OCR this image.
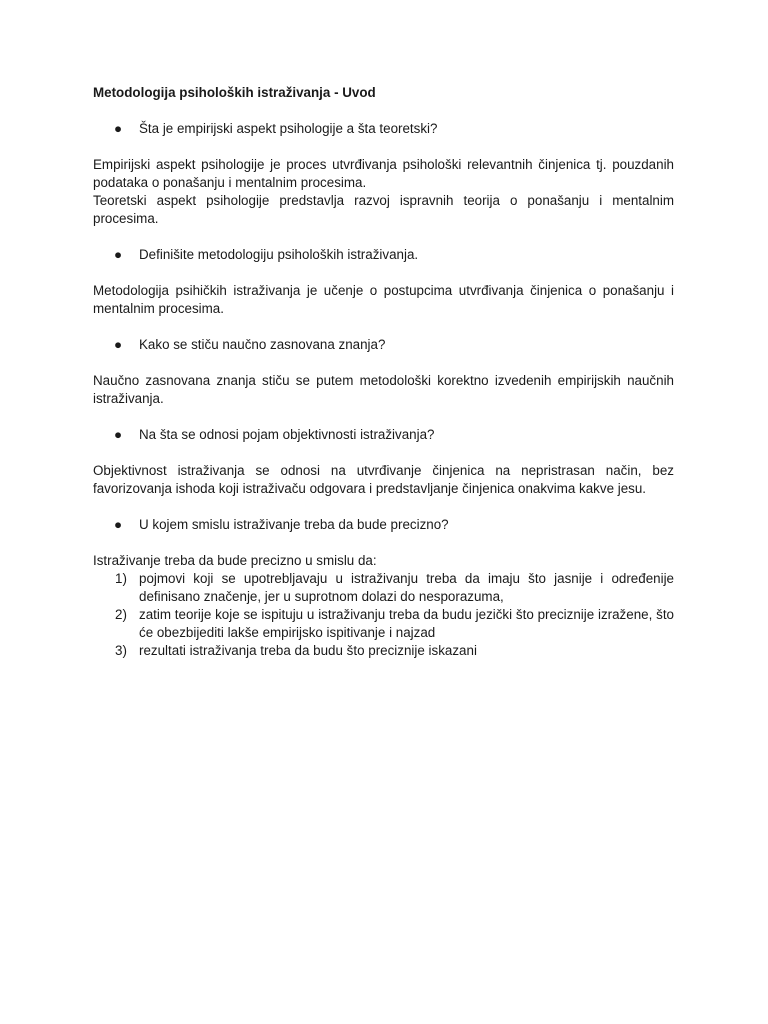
Metodologija psiholoških istraživanja - Uvod
● Šta je empirijski aspekt psihologije a šta teoretski?
Empirijski aspekt psihologije je proces utvrđivanja psihološki relevantnih činjenica tj. pouzdanih podataka o ponašanju i mentalnim procesima.
Teoretski aspekt psihologije predstavlja razvoj ispravnih teorija o ponašanju i mentalnim procesima.
● Definišite metodologiju psiholoških istraživanja.
Metodologija psihičkih istraživanja je učenje o postupcima utvrđivanja činjenica o ponašanju i mentalnim procesima.
● Kako se stiču naučno zasnovana znanja?
Naučno zasnovana znanja stiču se putem metodološki korektno izvedenih empirijskih naučnih istraživanja.
● Na šta se odnosi pojam objektivnosti istraživanja?
Objektivnost istraživanja se odnosi na utvrđivanje činjenica na nepristrasan način, bez favorizovanja ishoda koji istraživaču odgovara i predstavljanje činjenica onakvima kakve jesu.
● U kojem smislu istraživanje treba da bude precizno?
Istraživanje treba da bude precizno u smislu da:
1) pojmovi koji se upotrebljavaju u istraživanju treba da imaju što jasnije i određenije definisano značenje, jer u suprotnom dolazi do nesporazuma,
2) zatim teorije koje se ispituju u istraživanju treba da budu jezički što preciznije izražene, što će obezbijediti lakše empirijsko ispitivanje i najzad
3) rezultati istraživanja treba da budu što preciznije iskazani
